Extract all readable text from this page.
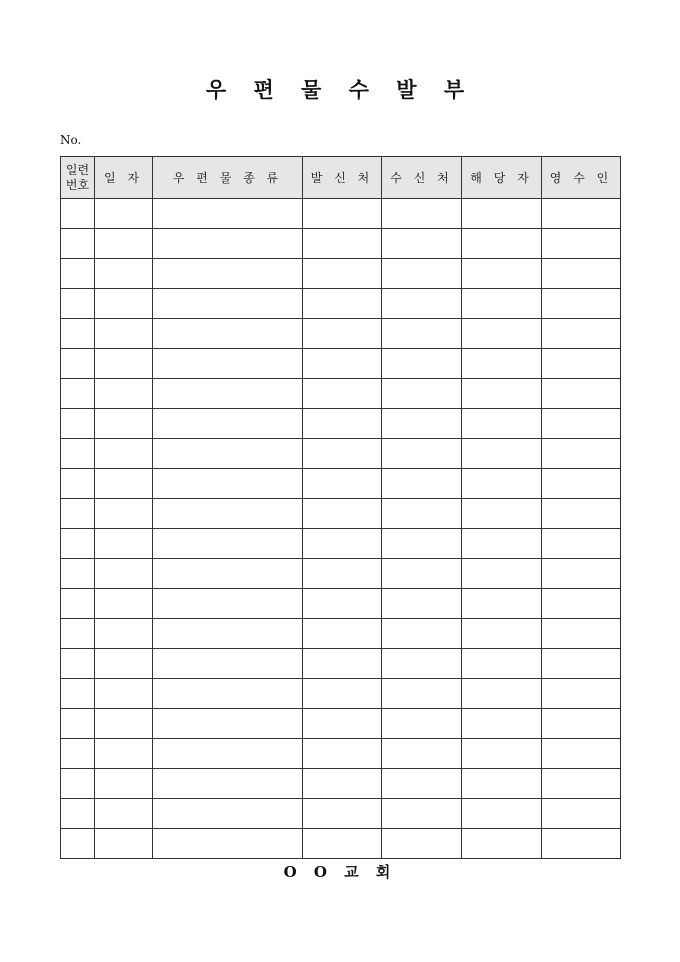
우 편 물 수 발 부
No.
일련 번호	일 자	우 편 물 종 류	발 신 처	수 신 처	해 당 자	영 수 인

O O 교 회
